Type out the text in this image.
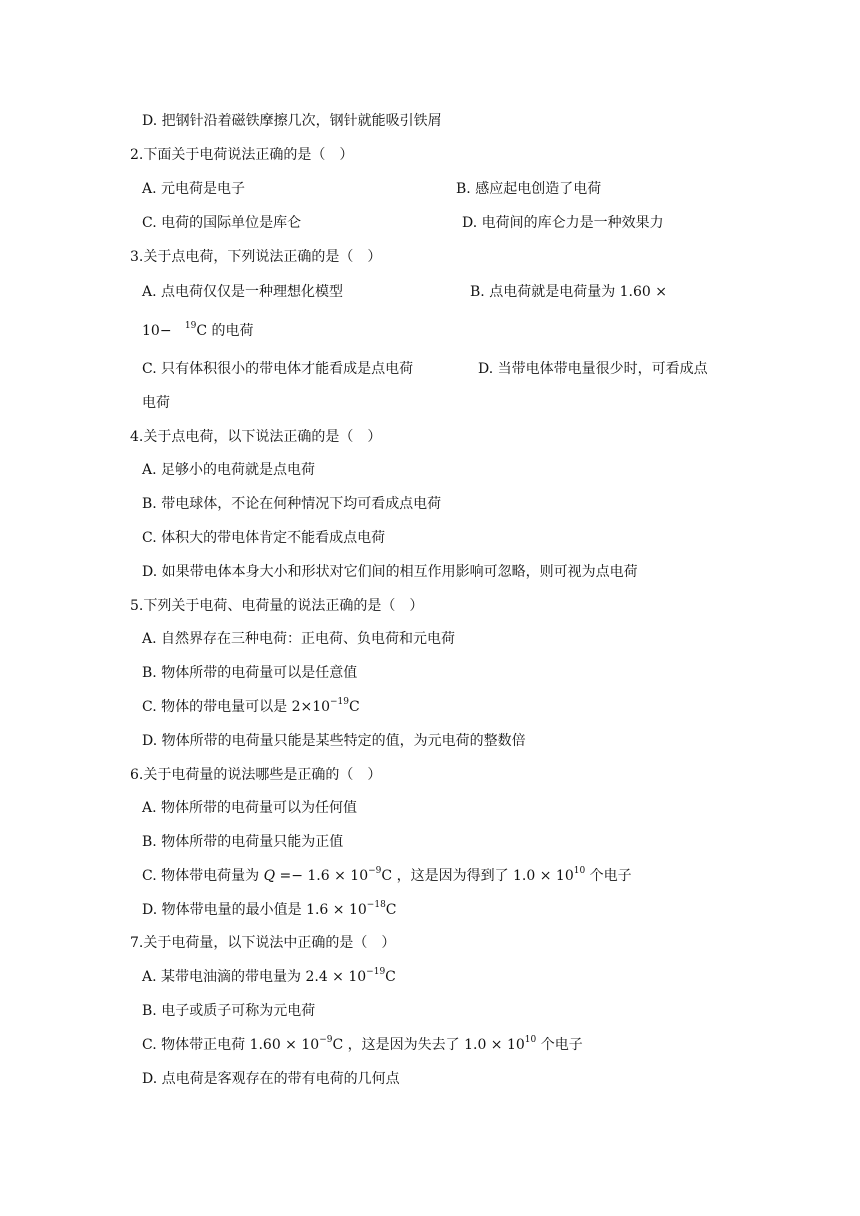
D. 把钢针沿着磁铁摩擦几次，钢针就能吸引铁屑
2.下面关于电荷说法正确的是（　）
A. 元电荷是电子	B. 感应起电创造了电荷
C. 电荷的国际单位是库仑	D. 电荷间的库仑力是一种效果力
3.关于点电荷，下列说法正确的是（　）
A. 点电荷仅仅是一种理想化模型	B. 点电荷就是电荷量为 1.60 ×
10− $^{19}$C 的电荷
C. 只有体积很小的带电体才能看成是点电荷	D. 当带电体带电量很少时，可看成点
电荷
4.关于点电荷，以下说法正确的是（　）
A. 足够小的电荷就是点电荷
B. 带电球体，不论在何种情况下均可看成点电荷
C. 体积大的带电体肯定不能看成点电荷
D. 如果带电体本身大小和形状对它们间的相互作用影响可忽略，则可视为点电荷
5.下列关于电荷、电荷量的说法正确的是（　）
A. 自然界存在三种电荷：正电荷、负电荷和元电荷
B. 物体所带的电荷量可以是任意值
C. 物体的带电量可以是 $2\times 10^{-19}C$
D. 物体所带的电荷量只能是某些特定的值，为元电荷的整数倍
6.关于电荷量的说法哪些是正确的（　）
A. 物体所带的电荷量可以为任何值
B. 物体所带的电荷量只能为正值
C. 物体带电荷量为 𝑄 =− $1.6 \times 10^{-9}C$ ，这是因为得到了 $1.0 \times 10^{10}$ 个电子
D. 物体带电量的最小值是 $1.6 \times 10^{-18}C$
7.关于电荷量，以下说法中正确的是（　）
A. 某带电油滴的带电量为 $2.4 \times 10^{-19}C$
B. 电子或质子可称为元电荷
C. 物体带正电荷 $1.60 \times 10^{-9}C$ ，这是因为失去了 $1.0 \times 10^{10}$ 个电子
D. 点电荷是客观存在的带有电荷的几何点
